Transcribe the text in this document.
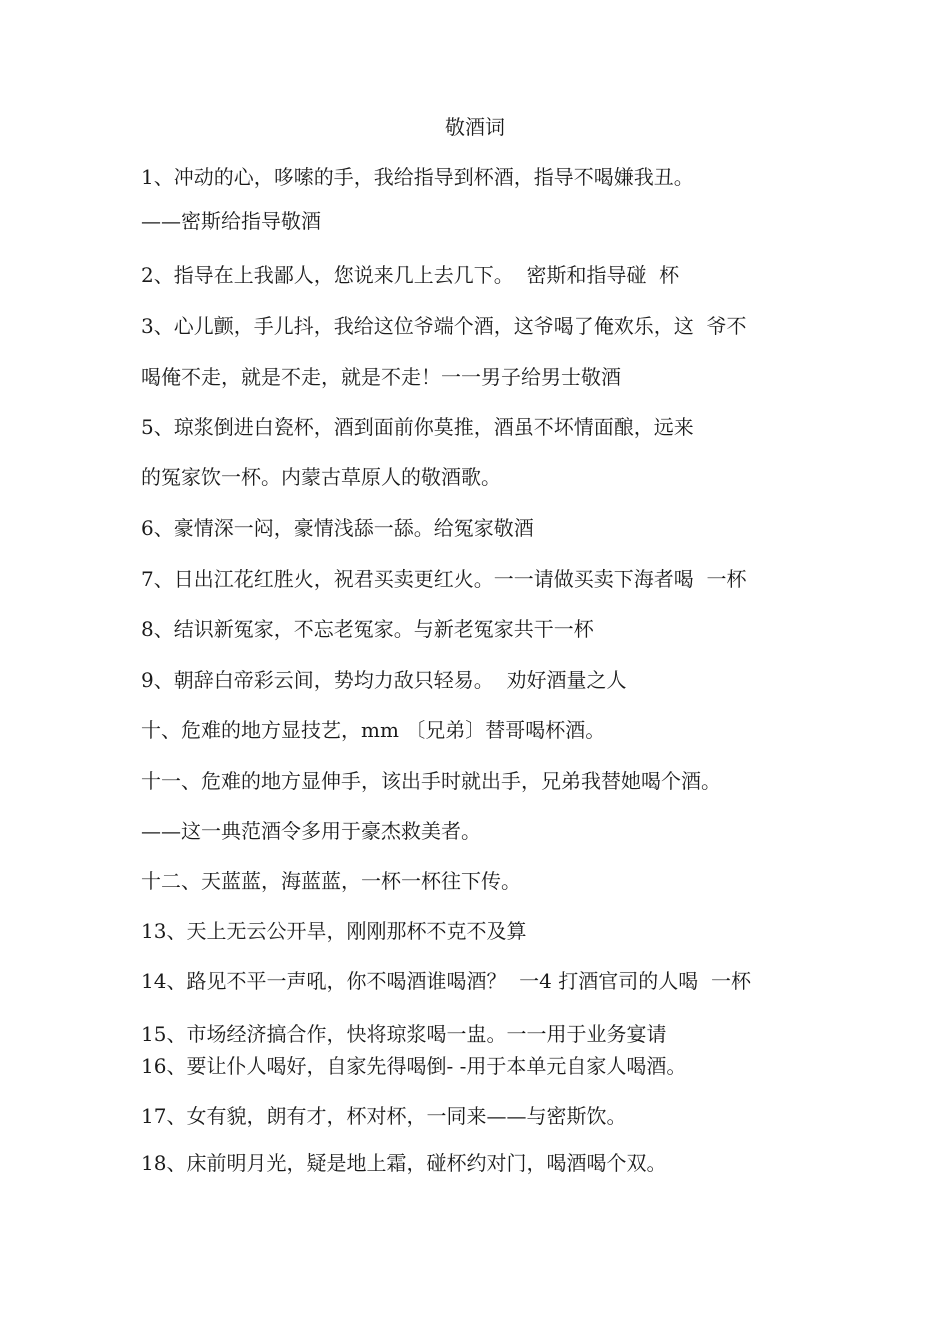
敬酒词
1、冲动的心，哆嗦的手，我给指导到杯酒，指导不喝嫌我丑。
——密斯给指导敬酒
2、指导在上我鄙人，您说来几上去几下。  密斯和指导碰  杯
3、心儿颤，手儿抖，我给这位爷端个酒，这爷喝了俺欢乐，这  爷不
喝俺不走，就是不走，就是不走！一一男子给男士敬酒
5、琼浆倒进白瓷杯，酒到面前你莫推，酒虽不坏情面酿，远来
的冤家饮一杯。内蒙古草原人的敬酒歌。
6、豪情深一闷，豪情浅舔一舔。给冤家敬酒
7、日出江花红胜火，祝君买卖更红火。一一请做买卖下海者喝  一杯
8、结识新冤家，不忘老冤家。与新老冤家共干一杯
9、朝辞白帝彩云间，势均力敌只轻易。  劝好酒量之人
十、危难的地方显技艺，mm 〔兄弟〕替哥喝杯酒。
十一、危难的地方显伸手，该出手时就出手，兄弟我替她喝个酒。
——这一典范酒令多用于豪杰救美者。
十二、天蓝蓝，海蓝蓝，一杯一杯往下传。
13、天上无云公开旱，刚刚那杯不克不及算
14、路见不平一声吼，你不喝酒谁喝酒？  一4 打酒官司的人喝  一杯
15、市场经济搞合作，快将琼浆喝一盅。一一用于业务宴请
16、要让仆人喝好，自家先得喝倒- -用于本单元自家人喝酒。
17、女有貌，朗有才，杯对杯，一同来——与密斯饮。
18、床前明月光，疑是地上霜，碰杯约对门，喝酒喝个双。
